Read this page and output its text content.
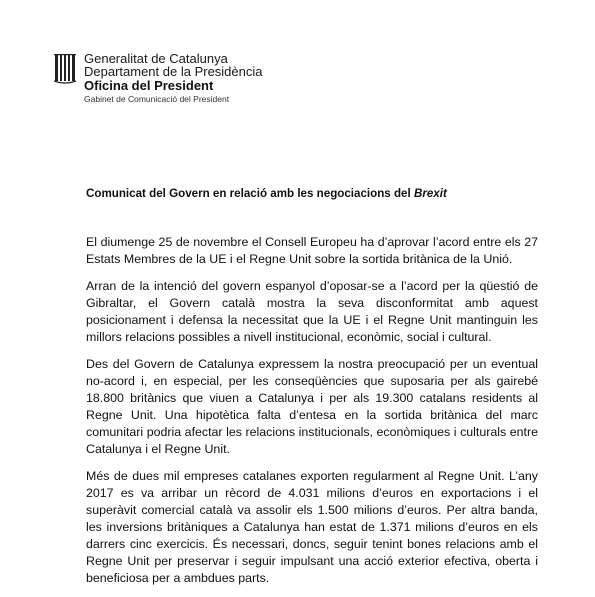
Generalitat de Catalunya
Departament de la Presidència
Oficina del President
Gabinet de Comunicació del President
Comunicat del Govern en relació amb les negociacions del Brexit

El diumenge 25 de novembre el Consell Europeu ha d’aprovar l’acord entre els 27 Estats Membres de la UE i el Regne Unit sobre la sortida britànica de la Unió.

Arran de la intenció del govern espanyol d’oposar-se a l’acord per la qüestió de Gibraltar, el Govern català mostra la seva disconformitat amb aquest posicionament i defensa la necessitat que la UE i el Regne Unit mantinguin les millors relacions possibles a nivell institucional, econòmic, social i cultural.

Des del Govern de Catalunya expressem la nostra preocupació per un eventual no-acord i, en especial, per les conseqüències que suposaria per als gairebé 18.800 britànics que viuen a Catalunya i per als 19.300 catalans residents al Regne Unit. Una hipotètica falta d’entesa en la sortida britànica del marc comunitari podria afectar les relacions institucionals, econòmiques i culturals entre Catalunya i el Regne Unit.

Més de dues mil empreses catalanes exporten regularment al Regne Unit. L’any 2017 es va arribar un rècord de 4.031 milions d’euros en exportacions i el superàvit comercial català va assolir els 1.500 milions d’euros. Per altra banda, les inversions britàniques a Catalunya han estat de 1.371 milions d’euros en els darrers cinc exercicis. És necessari, doncs, seguir tenint bones relacions amb el Regne Unit per preservar i seguir impulsant una acció exterior efectiva, oberta i beneficiosa per a ambdues parts.
